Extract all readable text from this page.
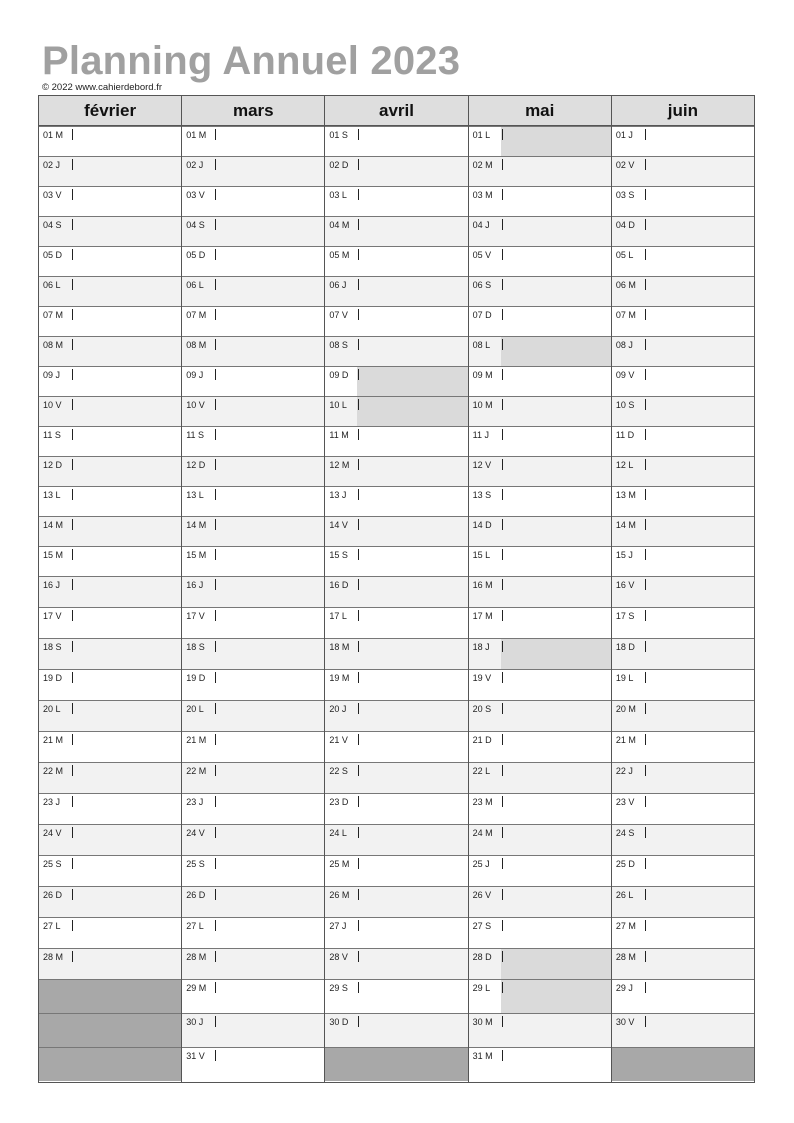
Planning Annuel 2023
© 2022 www.cahierdebord.fr
février
01 M
02 J
03 V
04 S
05 D
06 L
07 M
08 M
09 J
10 V
11 S
12 D
13 L
14 M
15 M
16 J
17 V
18 S
19 D
20 L
21 M
22 M
23 J
24 V
25 S
26 D
27 L
28 M
mars
01 M
02 J
03 V
04 S
05 D
06 L
07 M
08 M
09 J
10 V
11 S
12 D
13 L
14 M
15 M
16 J
17 V
18 S
19 D
20 L
21 M
22 M
23 J
24 V
25 S
26 D
27 L
28 M
29 M
30 J
31 V
avril
01 S
02 D
03 L
04 M
05 M
06 J
07 V
08 S
09 D
10 L
11 M
12 M
13 J
14 V
15 S
16 D
17 L
18 M
19 M
20 J
21 V
22 S
23 D
24 L
25 M
26 M
27 J
28 V
29 S
30 D
mai
01 L
02 M
03 M
04 J
05 V
06 S
07 D
08 L
09 M
10 M
11 J
12 V
13 S
14 D
15 L
16 M
17 M
18 J
19 V
20 S
21 D
22 L
23 M
24 M
25 J
26 V
27 S
28 D
29 L
30 M
31 M
juin
01 J
02 V
03 S
04 D
05 L
06 M
07 M
08 J
09 V
10 S
11 D
12 L
13 M
14 M
15 J
16 V
17 S
18 D
19 L
20 M
21 M
22 J
23 V
24 S
25 D
26 L
27 M
28 M
29 J
30 V
